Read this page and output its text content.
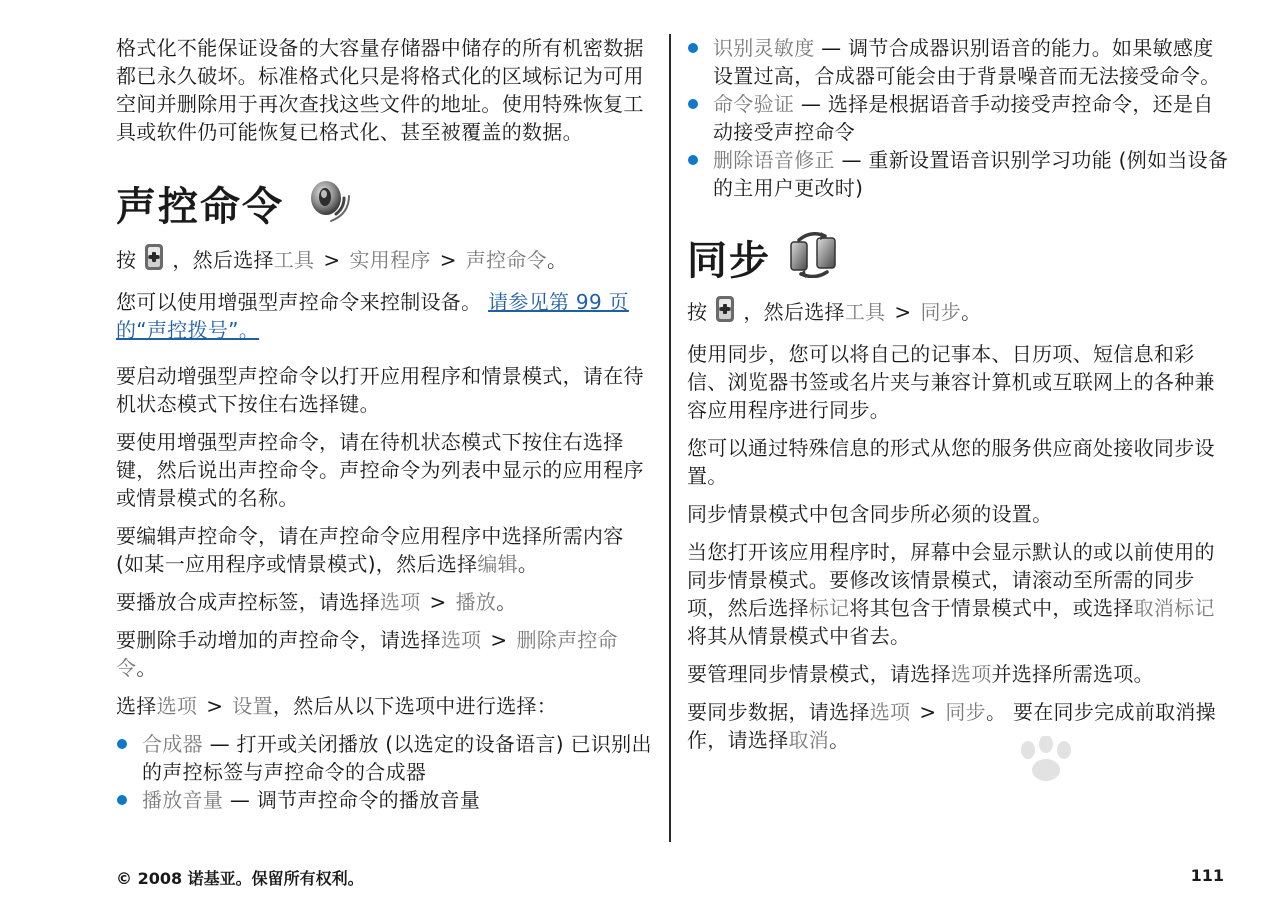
格式化不能保证设备的大容量存储器中储存的所有机密数据都已永久破坏。标准格式化只是将格式化的区域标记为可用空间并删除用于再次查找这些文件的地址。使用特殊恢复工具或软件仍可能恢复已格式化、甚至被覆盖的数据。

声控命令

按 ，然后选择工具 > 实用程序 > 声控命令。

您可以使用增强型声控命令来控制设备。 请参见第 99 页的“声控拨号”。

要启动增强型声控命令以打开应用程序和情景模式，请在待机状态模式下按住右选择键。

要使用增强型声控命令，请在待机状态模式下按住右选择键，然后说出声控命令。声控命令为列表中显示的应用程序或情景模式的名称。

要编辑声控命令，请在声控命令应用程序中选择所需内容 (如某一应用程序或情景模式)，然后选择编辑。

要播放合成声控标签，请选择选项 > 播放。

要删除手动增加的声控命令，请选择选项 > 删除声控命令。

选择选项 > 设置，然后从以下选项中进行选择：

合成器 — 打开或关闭播放 (以选定的设备语言) 已识别出的声控标签与声控命令的合成器
播放音量 — 调节声控命令的播放音量
识别灵敏度 — 调节合成器识别语音的能力。如果敏感度设置过高，合成器可能会由于背景噪音而无法接受命令。
命令验证 — 选择是根据语音手动接受声控命令，还是自动接受声控命令
删除语音修正 — 重新设置语音识别学习功能 (例如当设备的主用户更改时)
同步

按 ，然后选择工具 > 同步。

使用同步，您可以将自己的记事本、日历项、短信息和彩信、浏览器书签或名片夹与兼容计算机或互联网上的各种兼容应用程序进行同步。

您可以通过特殊信息的形式从您的服务供应商处接收同步设置。

同步情景模式中包含同步所必须的设置。

当您打开该应用程序时，屏幕中会显示默认的或以前使用的同步情景模式。要修改该情景模式，请滚动至所需的同步项，然后选择标记将其包含于情景模式中，或选择取消标记将其从情景模式中省去。

要管理同步情景模式，请选择选项并选择所需选项。

要同步数据，请选择选项 > 同步。 要在同步完成前取消操作，请选择取消。

© 2008 诺基亚。保留所有权利。	111
